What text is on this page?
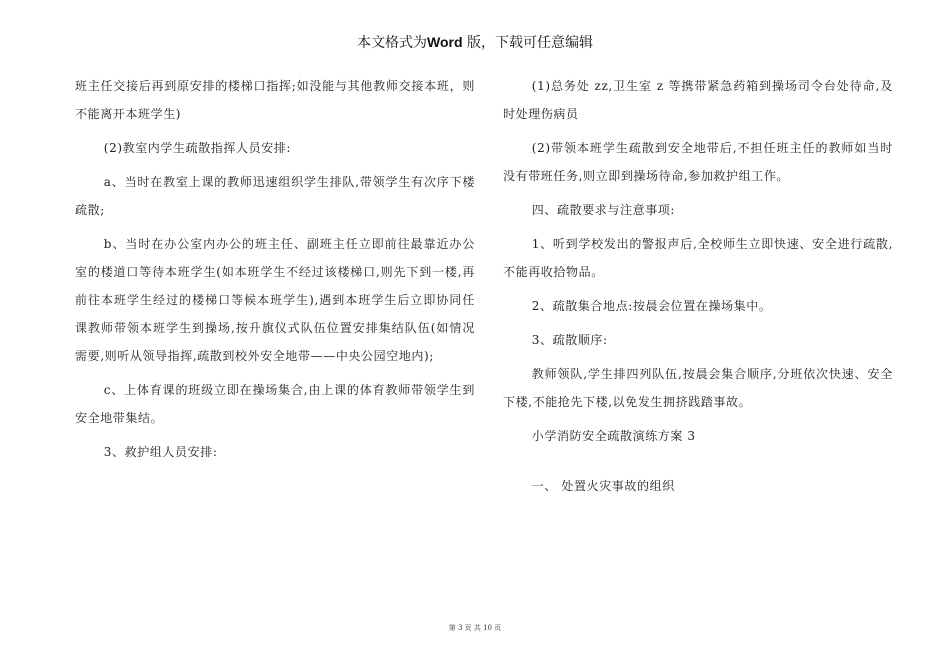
本文格式为Word 版，下载可任意编辑

班主任交接后再到原安排的楼梯口指挥;如没能与其他教师交接本班，则不能离开本班学生)

(2)教室内学生疏散指挥人员安排:

a、当时在教室上课的教师迅速组织学生排队,带领学生有次序下楼疏散;

b、当时在办公室内办公的班主任、副班主任立即前往最靠近办公室的楼道口等待本班学生(如本班学生不经过该楼梯口,则先下到一楼,再前往本班学生经过的楼梯口等候本班学生),遇到本班学生后立即协同任课教师带领本班学生到操场,按升旗仪式队伍位置安排集结队伍(如情况需要,则听从领导指挥,疏散到校外安全地带——中央公园空地内);

c、上体育课的班级立即在操场集合,由上课的体育教师带领学生到安全地带集结。

3、救护组人员安排:

(1)总务处 zz,卫生室 z 等携带紧急药箱到操场司令台处待命,及时处理伤病员

(2)带领本班学生疏散到安全地带后,不担任班主任的教师如当时没有带班任务,则立即到操场待命,参加救护组工作。

四、疏散要求与注意事项:

1、听到学校发出的警报声后,全校师生立即快速、安全进行疏散,不能再收拾物品。

2、疏散集合地点:按晨会位置在操场集中。

3、疏散顺序:

教师领队,学生排四列队伍,按晨会集合顺序,分班依次快速、安全下楼,不能抢先下楼,以免发生拥挤践踏事故。

小学消防安全疏散演练方案 3

一、 处置火灾事故的组织

第 3 页 共 10 页
